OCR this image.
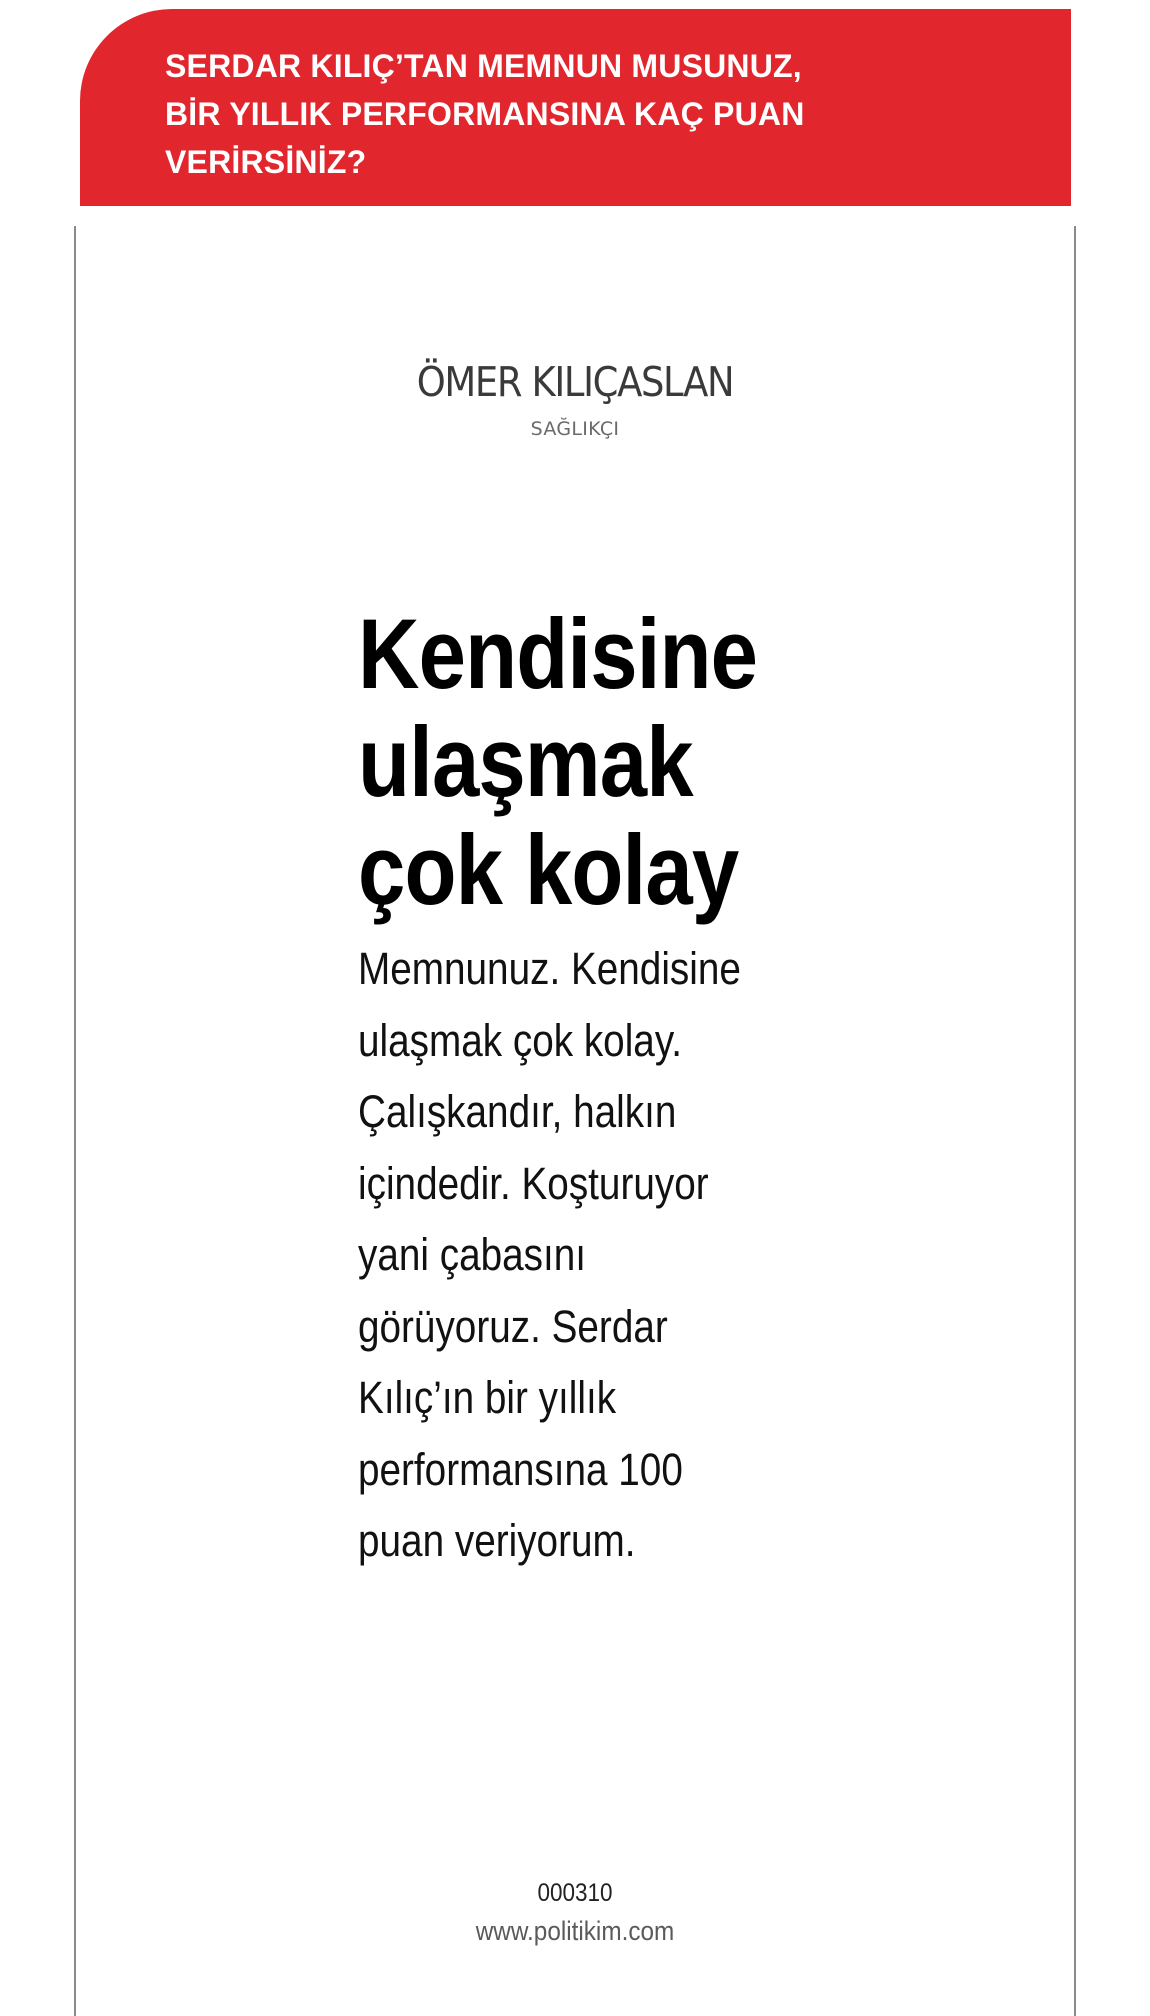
SERDAR KILIÇ’TAN MEMNUN MUSUNUZ,
BİR YILLIK PERFORMANSINA KAÇ PUAN
VERİRSİNİZ?
ÖMER KILIÇASLAN
SAĞLIKÇI
Kendisine
ulaşmak
çok kolay
Memnunuz. Kendisine
ulaşmak çok kolay.
Çalışkandır, halkın
içindedir. Koşturuyor
yani çabasını
görüyoruz. Serdar
Kılıç’ın bir yıllık
performansına 100
puan veriyorum.
000310
www.politikim.com
